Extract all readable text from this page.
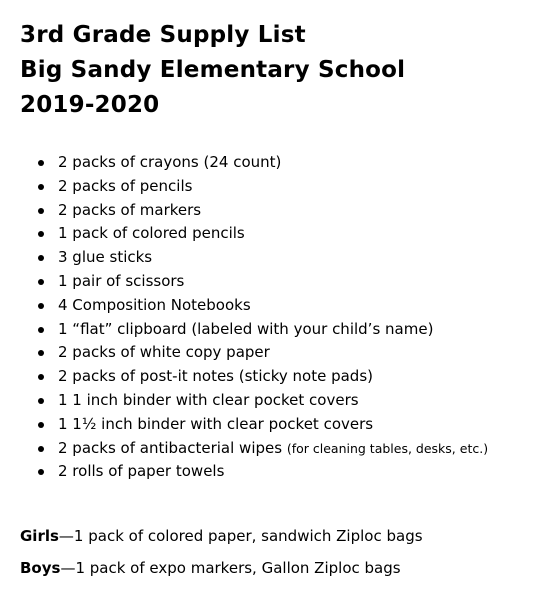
3rd Grade Supply List
Big Sandy Elementary School
2019-2020
2 packs of crayons (24 count)
2 packs of pencils
2 packs of markers
1 pack of colored pencils
3 glue sticks
1 pair of scissors
4 Composition Notebooks
1 “flat” clipboard (labeled with your child’s name)
2 packs of white copy paper
2 packs of post-it notes (sticky note pads)
1 1 inch binder with clear pocket covers
1 1½ inch binder with clear pocket covers
2 packs of antibacterial wipes (for cleaning tables, desks, etc.)
2 rolls of paper towels
Girls—1 pack of colored paper, sandwich Ziploc bags
Boys—1 pack of expo markers, Gallon Ziploc bags
